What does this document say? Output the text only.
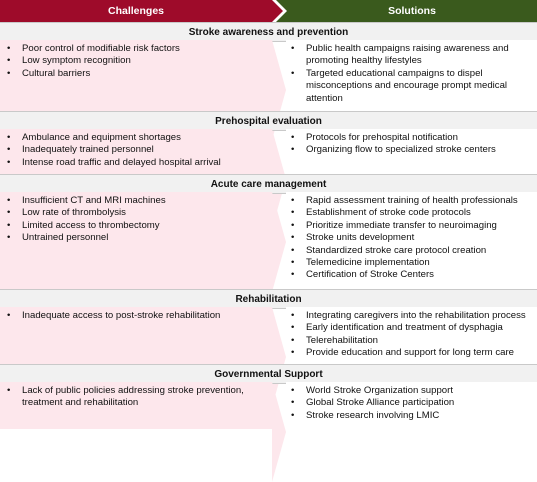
Challenges	Solutions
Stroke awareness and prevention
• Poor control of modifiable risk factors
• Low symptom recognition
• Cultural barriers
• Public health campaigns raising awareness and promoting healthy lifestyles
• Targeted educational campaigns to dispel misconceptions and encourage prompt medical attention
Prehospital evaluation
• Ambulance and equipment shortages
• Inadequately trained personnel
• Intense road traffic and delayed hospital arrival
• Protocols for prehospital notification
• Organizing flow to specialized stroke centers
Acute care management
• Insufficient CT and MRI machines
• Low rate of thrombolysis
• Limited access to thrombectomy
• Untrained personnel
• Rapid assessment training of health professionals
• Establishment of stroke code protocols
• Prioritize immediate transfer to neuroimaging
• Stroke units development
• Standardized stroke care protocol creation
• Telemedicine implementation
• Certification of Stroke Centers
Rehabilitation
• Inadequate access to post-stroke rehabilitation
•	Integrating caregivers into the rehabilitation process
• Early identification and treatment of dysphagia
• Telerehabilitation
• Provide education and support for long term care
Governmental Support
• Lack of public policies addressing stroke prevention, treatment and rehabilitation
• World Stroke Organization support
• Global Stroke Alliance participation
• Stroke research involving LMIC
